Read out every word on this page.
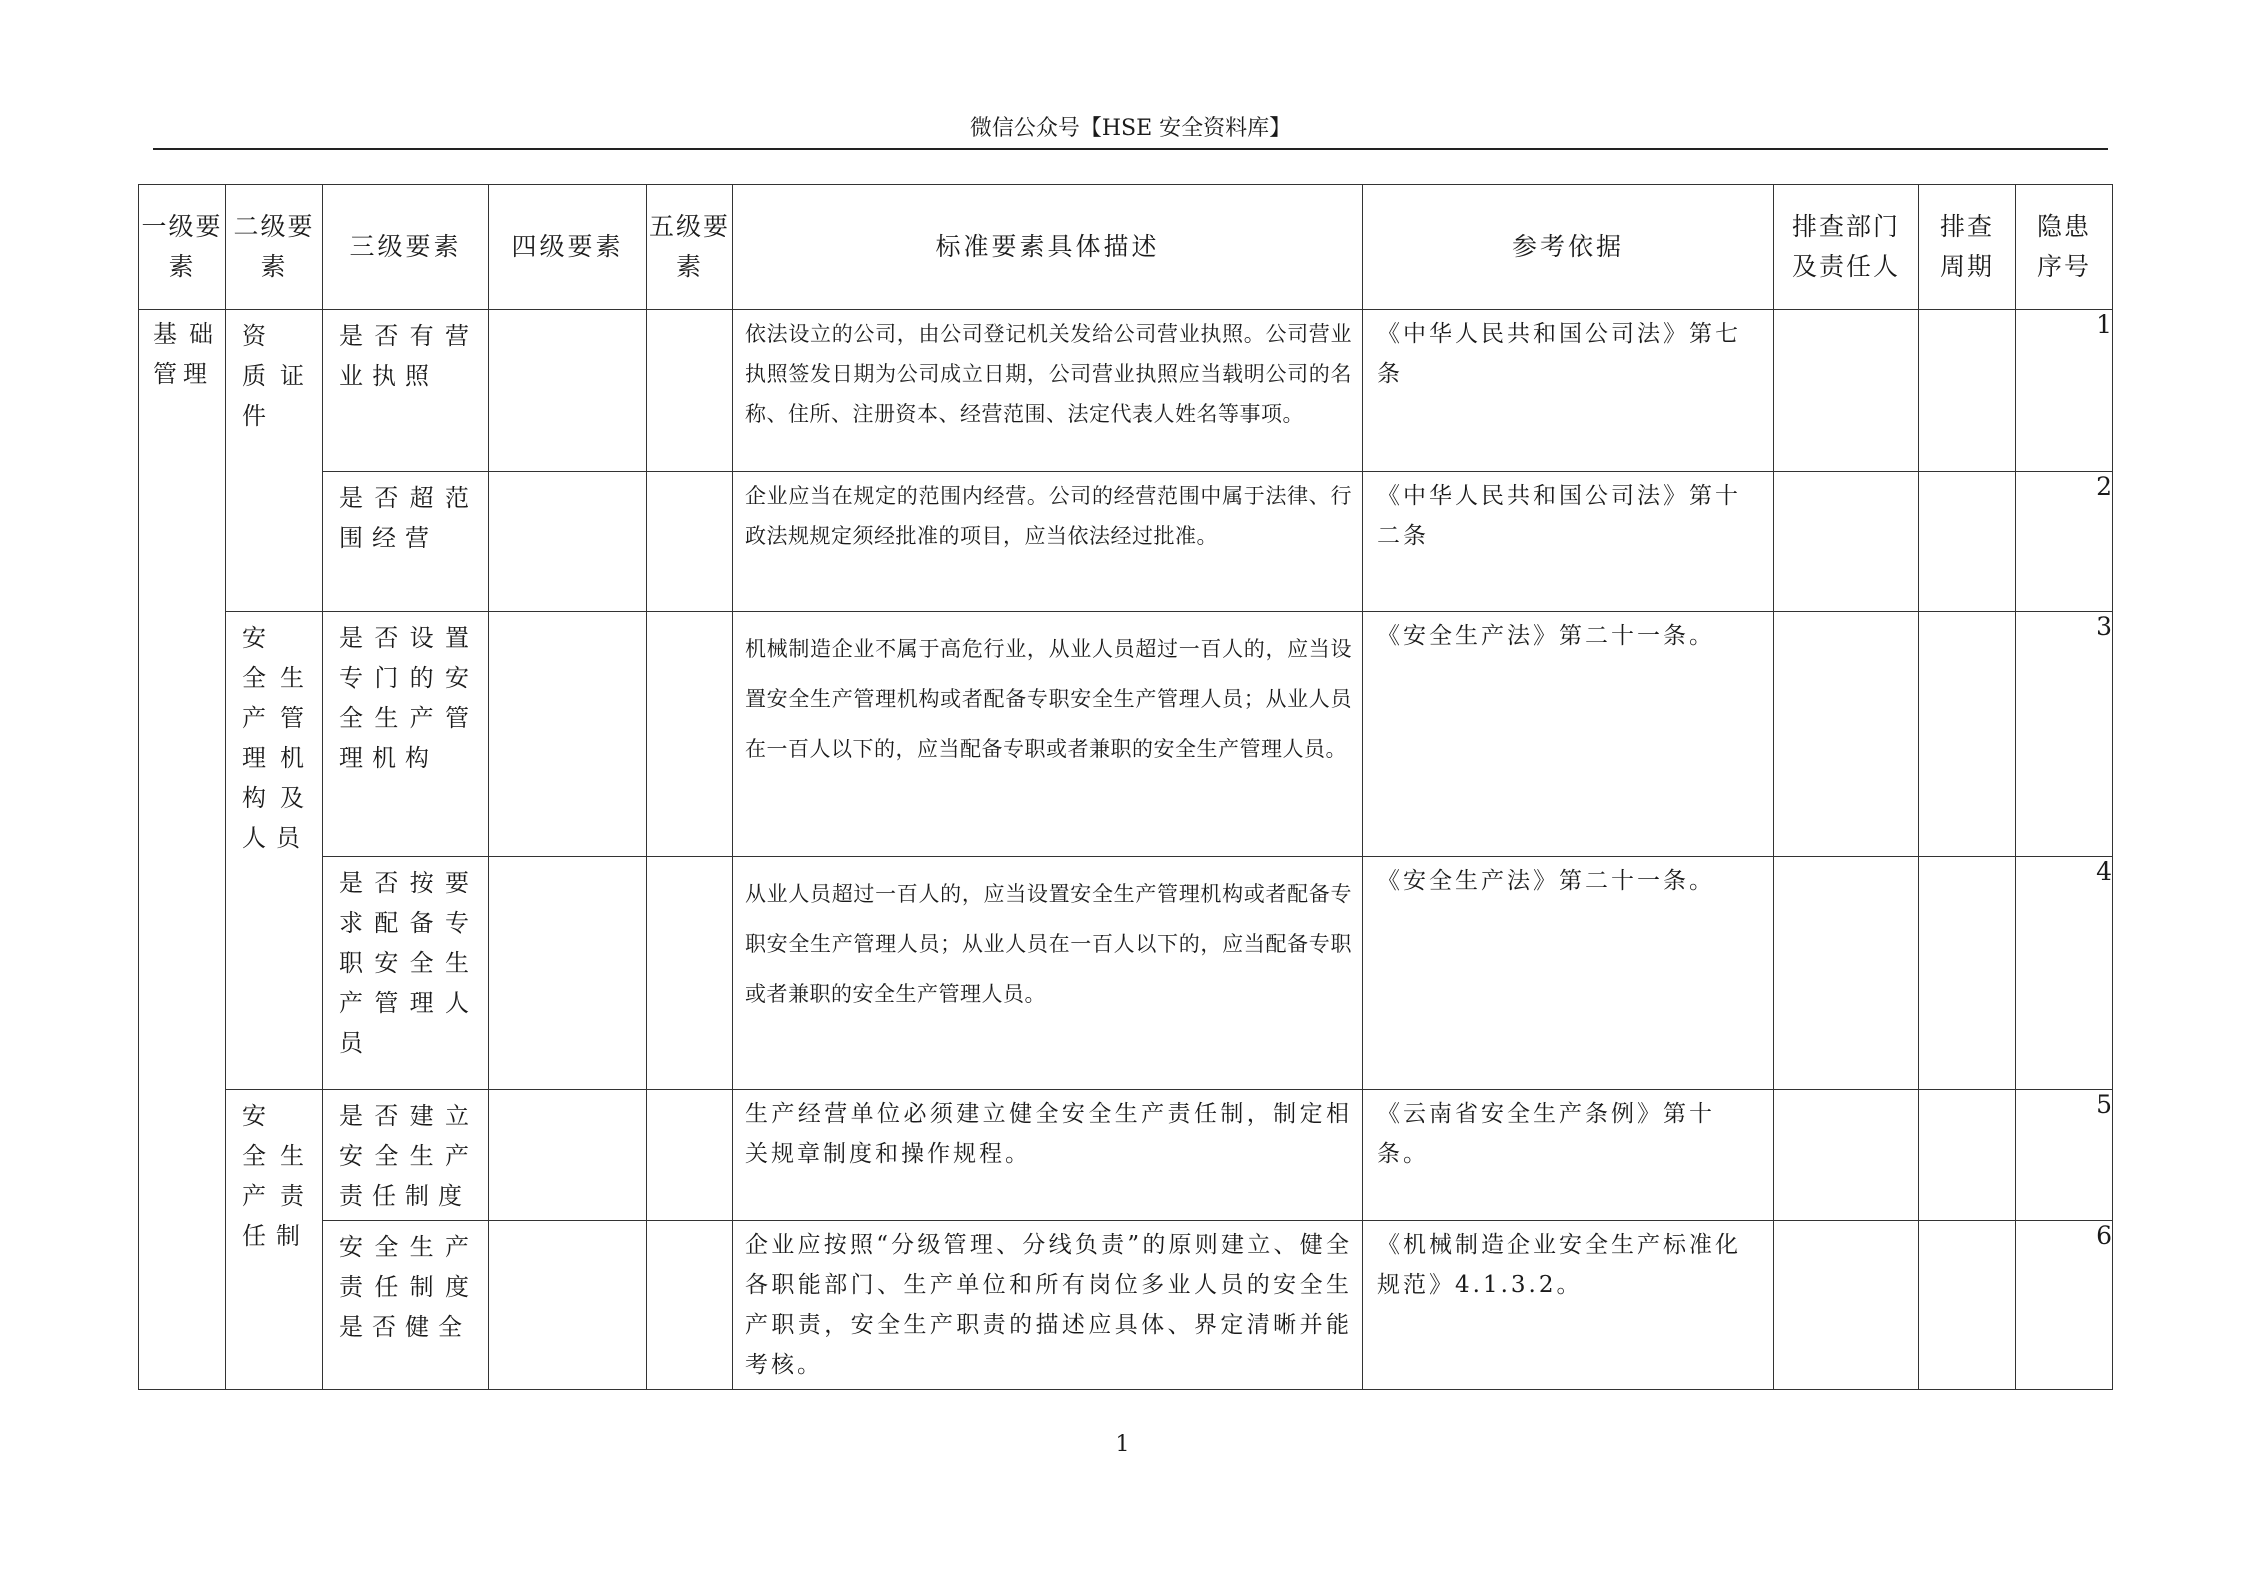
微信公众号【HSE 安全资料库】
一级要素	二级要素	三级要素	四级要素	五级要素	标准要素具体描述	参考依据	排查部门及责任人	排查周期	隐患序号

基础管理	资 质证件	是否有营业执照			依法设立的公司，由公司登记机关发给公司营业执照。公司营业执照签发日期为公司成立日期，公司营业执照应当载明公司的名称、住所、注册资本、经营范围、法定代表人姓名等事项。	《中华人民共和国公司法》第七条			1

		是否超范围经营			企业应当在规定的范围内经营。公司的经营范围中属于法律、行政法规规定须经批准的项目，应当依法经过批准。	《中华人民共和国公司法》第十二条			2

	安 全生 产管 理机 构及 人员	是否设置专门的安全生产管理机构			机械制造企业不属于高危行业，从业人员超过一百人的，应当设置安全生产管理机构或者配备专职安全生产管理人员；从业人员在一百人以下的，应当配备专职或者兼职的安全生产管理人员。	《安全生产法》第二十一条。			3

		是否按要求配备专职安全生产管理人员			从业人员超过一百人的，应当设置安全生产管理机构或者配备专职安全生产管理人员；从业人员在一百人以下的，应当配备专职或者兼职的安全生产管理人员。	《安全生产法》第二十一条。			4

	安 全生 产责 任制	是否建立安全生产责任制度			生产经营单位必须建立健全安全生产责任制，制定相关规章制度和操作规程。	《云南省安全生产条例》第十条。			5

		安全生产责任制度是否健全			企业应按照“分级管理、分线负责”的原则建立、健全各职能部门、生产单位和所有岗位多业人员的安全生产职责，安全生产职责的描述应具体、界定清晰并能考核。	《机械制造企业安全生产标准化规范》4.1.3.2。			6
1
